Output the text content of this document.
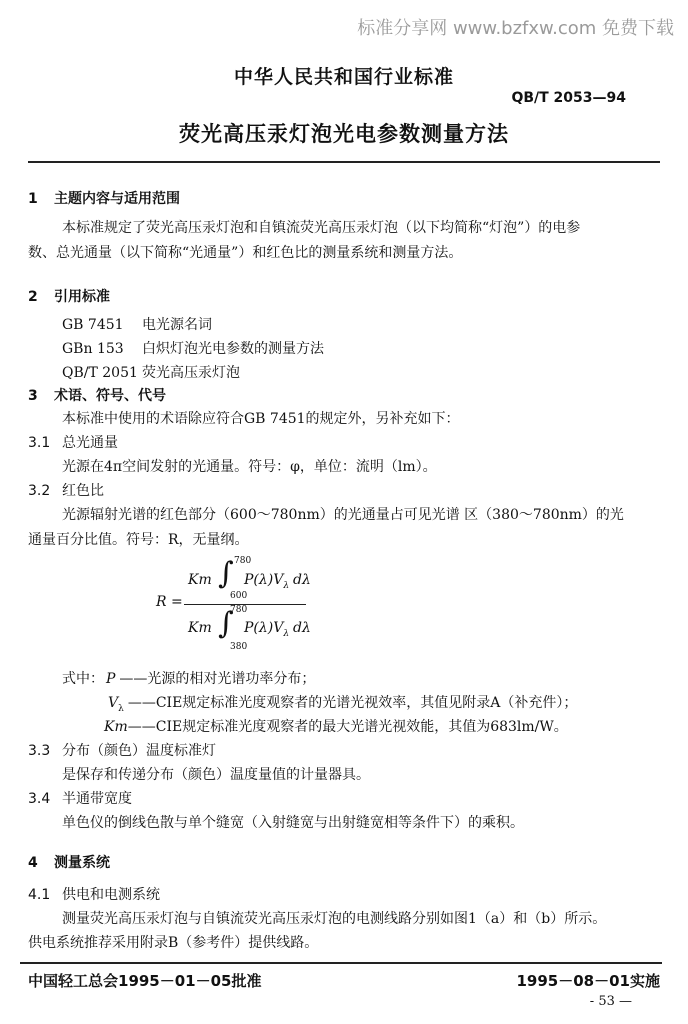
标准分享网 www.bzfxw.com 免费下载
中华人民共和国行业标准
QB/T 2053—94
荧光高压汞灯泡光电参数测量方法
1 主题内容与适用范围
本标准规定了荧光高压汞灯泡和自镇流荧光高压汞灯泡（以下均简称“灯泡”）的电参
数、总光通量（以下简称“光通量”）和红色比的测量系统和测量方法。
2 引用标准
GB 7451 电光源名词
GBn 153 白炽灯泡光电参数的测量方法
QB/T 2051 荧光高压汞灯泡
3 术语、符号、代号
本标准中使用的术语除应符合GB 7451的规定外，另补充如下：
3.1 总光通量
光源在4π空间发射的光通量。符号：φ，单位：流明（lm）。
3.2 红色比
光源辐射光谱的红色部分（600～780nm）的光通量占可见光谱 区（380～780nm）的光
通量百分比值。符号：R，无量纲。
R =
Km ∫ 780
600
$P(\lambda)V_\lambda$ dλ
Km ∫
780
380
$P(\lambda)V_\lambda$ dλ
式中： P ——光源的相对光谱功率分布；
$V_\lambda$ ——CIE规定标准光度观察者的光谱光视效率，其值见附录A（补充件）；
Km——CIE规定标准光度观察者的最大光谱光视效能，其值为683lm/W。
3.3 分布（颜色）温度标准灯
是保存和传递分布（颜色）温度量值的计量器具。
3.4 半通带宽度
单色仪的倒线色散与单个缝宽（入射缝宽与出射缝宽相等条件下）的乘积。
4 测量系统
4.1 供电和电测系统
测量荧光高压汞灯泡与自镇流荧光高压汞灯泡的电测线路分别如图1（a）和（b）所示。
供电系统推荐采用附录B（参考件）提供线路。
中国轻工总会1995－01－05批准	1995－08－01实施
- 53 —
